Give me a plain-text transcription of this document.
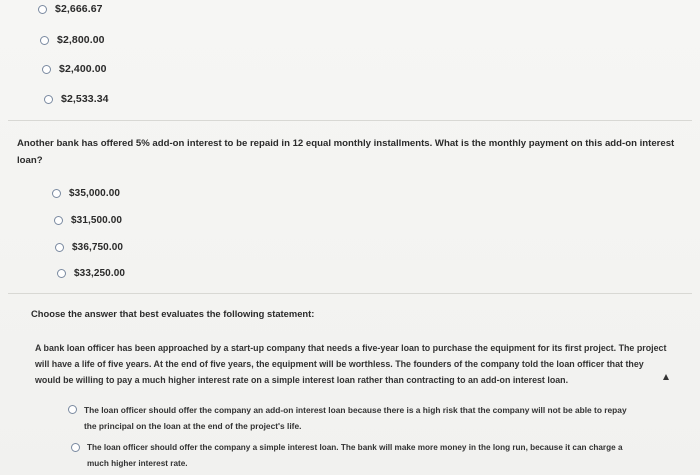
$2,666.67
$2,800.00
$2,400.00
$2,533.34
Another bank has offered 5% add-on interest to be repaid in 12 equal monthly installments. What is the monthly payment on this add-on interest
loan?
$35,000.00
$31,500.00
$36,750.00
$33,250.00
Choose the answer that best evaluates the following statement:
A bank loan officer has been approached by a start-up company that needs a five-year loan to purchase the equipment for its first project. The project
will have a life of five years. At the end of five years, the equipment will be worthless. The founders of the company told the loan officer that they
would be willing to pay a much higher interest rate on a simple interest loan rather than contracting to an add-on interest loan.
The loan officer should offer the company an add-on interest loan because there is a high risk that the company will not be able to repay
the principal on the loan at the end of the project's life.
The loan officer should offer the company a simple interest loan. The bank will make more money in the long run, because it can charge a
much higher interest rate.
